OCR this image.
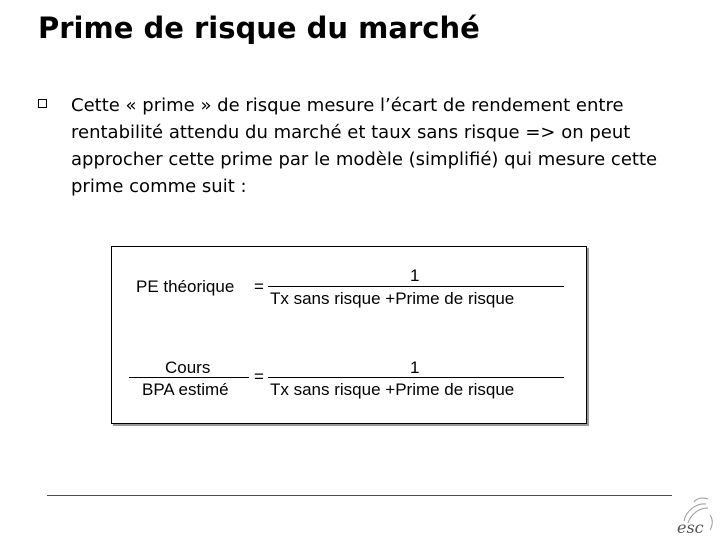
Prime de risque du marché
Cette « prime » de risque mesure l’écart de rendement entre rentabilité attendu du marché et taux sans risque => on peut approcher cette prime par le modèle (simplifié) qui mesure cette prime comme suit :
PE théorique =
1
Tx sans risque +Prime de risque
Cours
BPA estimé
=	1
Tx sans risque +Prime de risque
esc
